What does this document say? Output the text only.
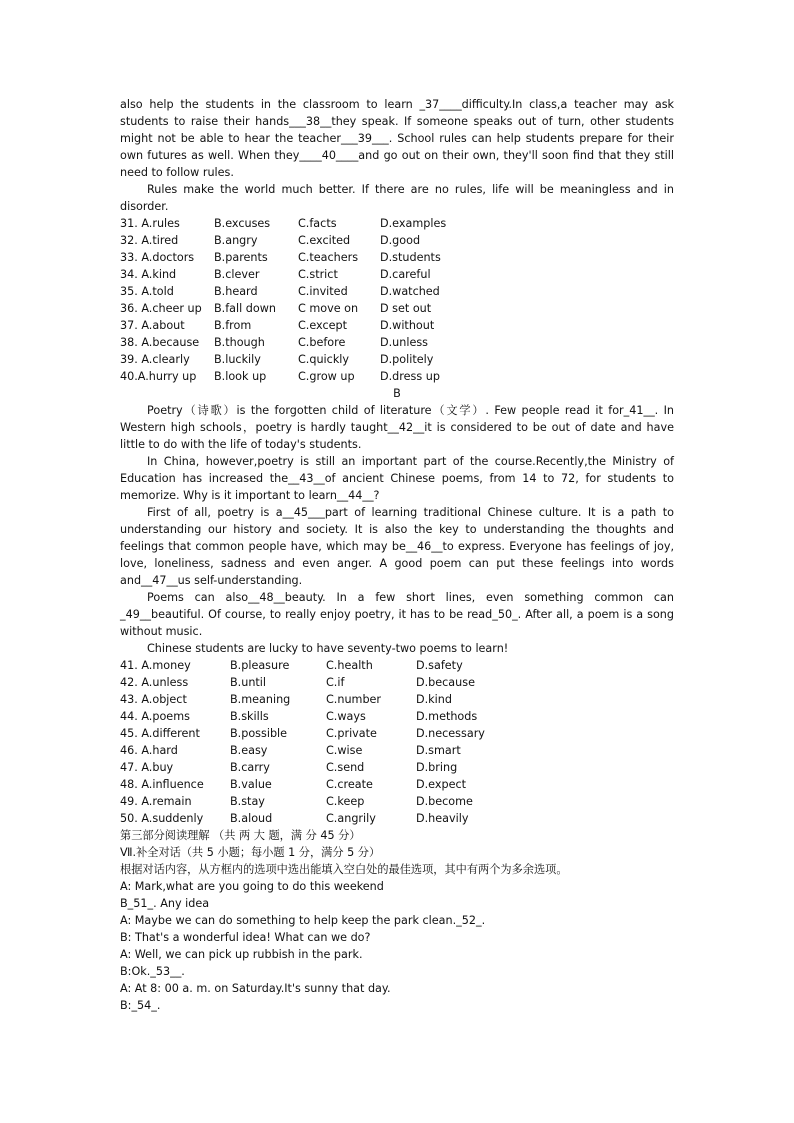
also help the students in the classroom to learn _37____difficulty.In class,a teacher may ask students to raise their hands___38__they speak. If someone speaks out of turn, other students might not be able to hear the teacher___39___. School rules can help students prepare for their own futures as well. When they____40____and go out on their own, they'll soon find that they still need to follow rules.

Rules make the world much better. If there are no rules, life will be meaningless and in disorder.

31. A.rules	B.excuses	C.facts	D.examples
32. A.tired	B.angry	C.excited	D.good
33. A.doctors	B.parents	C.teachers	D.students
34. A.kind	B.clever	C.strict	D.careful
35. A.told	B.heard	C.invited	D.watched
36. A.cheer up	B.fall down	C move on	D set out
37. A.about	B.from	C.except	D.without
38. A.because	B.though	C.before	D.unless
39. A.clearly	B.luckily	C.quickly	D.politely
40.A.hurry up	B.look up	C.grow up	D.dress up

B

Poetry（诗歌）is the forgotten child of literature（文学）. Few people read it for_41__. In Western high schools，poetry is hardly taught__42__it is considered to be out of date and have little to do with the life of today's students.

In China, however,poetry is still an important part of the course.Recently,the Ministry of Education has increased the__43__of ancient Chinese poems, from 14 to 72, for students to memorize. Why is it important to learn__44__?

First of all, poetry is a__45___part of learning traditional Chinese culture. It is a path to understanding our history and society. It is also the key to understanding the thoughts and feelings that common people have, which may be__46__to express. Everyone has feelings of joy, love, loneliness, sadness and even anger. A good poem can put these feelings into words and__47__us self-understanding.

Poems can also__48__beauty. In a few short lines, even something common can _49__beautiful. Of course, to really enjoy poetry, it has to be read_50_. After all, a poem is a song without music.

Chinese students are lucky to have seventy-two poems to learn!

41. A.money	B.pleasure	C.health	D.safety
42. A.unless	B.until	C.if	D.because
43. A.object	B.meaning	C.number	D.kind
44. A.poems	B.skills	C.ways	D.methods
45. A.different	B.possible	C.private	D.necessary
46. A.hard	B.easy	C.wise	D.smart
47. A.buy	B.carry	C.send	D.bring
48. A.influence	B.value	C.create	D.expect
49. A.remain	B.stay	C.keep	D.become
50. A.suddenly	B.aloud	C.angrily	D.heavily

第三部分阅读理解 （共 两 大 题，满 分 45 分）

Ⅶ.补全对话（共 5 小题；每小题 1 分，满分 5 分）

根据对话内容，从方框内的选项中选出能填入空白处的最佳选项，其中有两个为多余选项。

A: Mark,what are you going to do this weekend

B_51_. Any idea

A: Maybe we can do something to help keep the park clean._52_.

B: That's a wonderful idea! What can we do?

A: Well, we can pick up rubbish in the park.

B:Ok._53__.

A: At 8: 00 a. m. on Saturday.It's sunny that day.

B:_54_.
